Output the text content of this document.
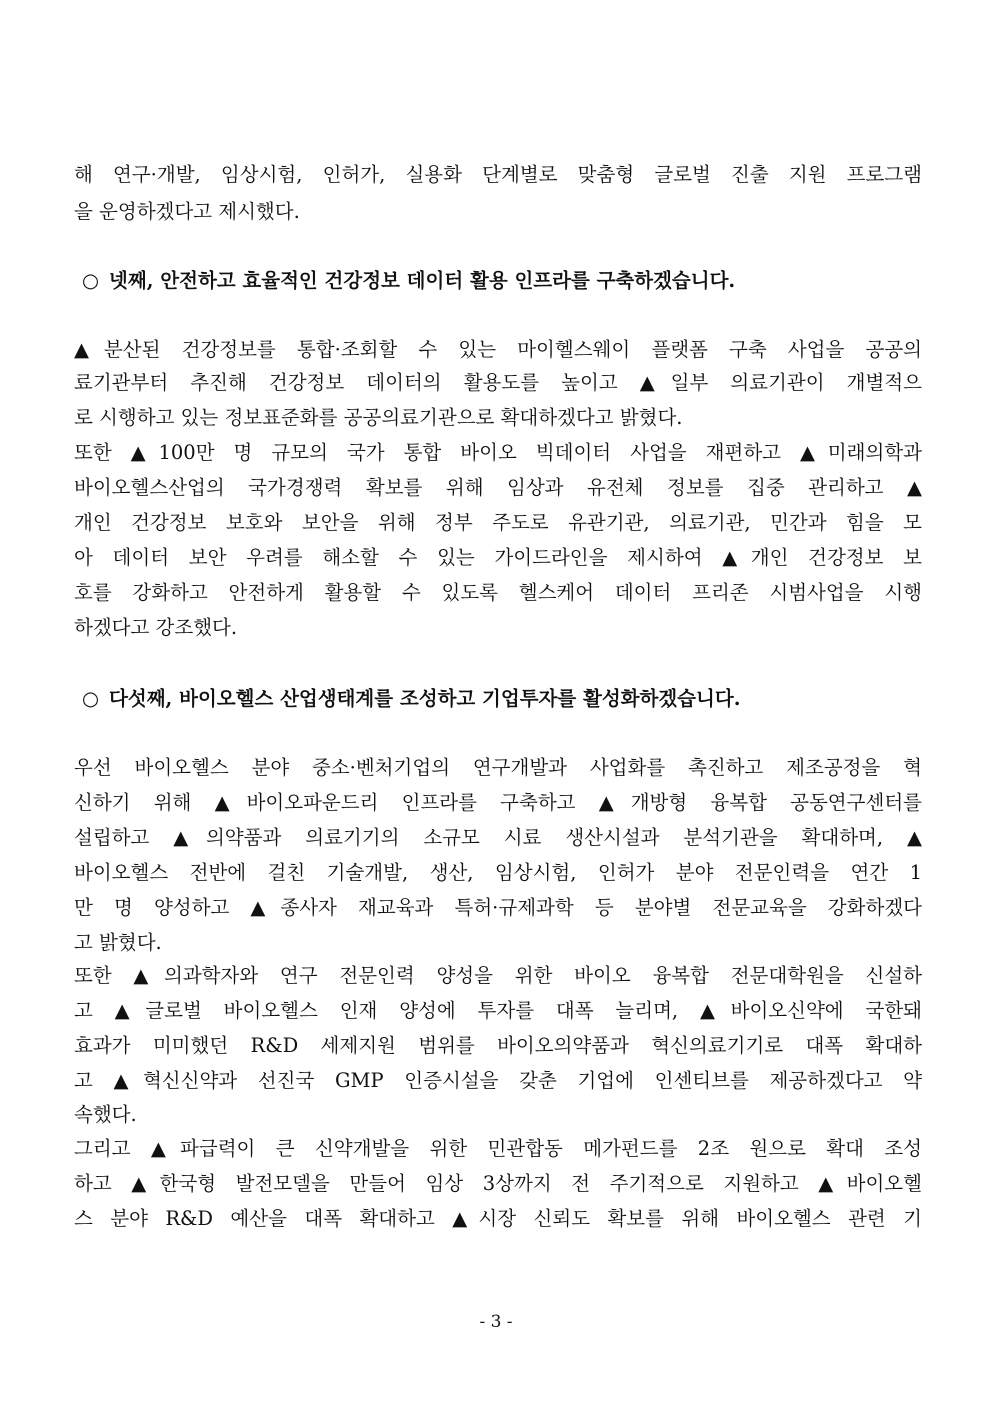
해 연구·개발, 임상시험, 인허가, 실용화 단계별로 맞춤형 글로벌 진출 지원 프로그램
을 운영하겠다고 제시했다.
○ 넷째, 안전하고 효율적인 건강정보 데이터 활용 인프라를 구축하겠습니다.
▲분산된 건강정보를 통합·조회할 수 있는 마이헬스웨이 플랫폼 구축 사업을 공공의
료기관부터 추진해 건강정보 데이터의 활용도를 높이고 ▲일부 의료기관이 개별적으
로 시행하고 있는 정보표준화를 공공의료기관으로 확대하겠다고 밝혔다.
또한 ▲100만 명 규모의 국가 통합 바이오 빅데이터 사업을 재편하고 ▲미래의학과
바이오헬스산업의 국가경쟁력 확보를 위해 임상과 유전체 정보를 집중 관리하고 ▲
개인 건강정보 보호와 보안을 위해 정부 주도로 유관기관, 의료기관, 민간과 힘을 모
아 데이터 보안 우려를 해소할 수 있는 가이드라인을 제시하여 ▲개인 건강정보 보
호를 강화하고 안전하게 활용할 수 있도록 헬스케어 데이터 프리존 시범사업을 시행
하겠다고 강조했다.
○ 다섯째, 바이오헬스 산업생태계를 조성하고 기업투자를 활성화하겠습니다.
우선 바이오헬스 분야 중소·벤처기업의 연구개발과 사업화를 촉진하고 제조공정을 혁
신하기 위해 ▲바이오파운드리 인프라를 구축하고 ▲개방형 융복합 공동연구센터를
설립하고 ▲의약품과 의료기기의 소규모 시료 생산시설과 분석기관을 확대하며, ▲
바이오헬스 전반에 걸친 기술개발, 생산, 임상시험, 인허가 분야 전문인력을 연간 1
만 명 양성하고 ▲종사자 재교육과 특허·규제과학 등 분야별 전문교육을 강화하겠다
고 밝혔다.
또한 ▲의과학자와 연구 전문인력 양성을 위한 바이오 융복합 전문대학원을 신설하
고 ▲글로벌 바이오헬스 인재 양성에 투자를 대폭 늘리며, ▲바이오신약에 국한돼
효과가 미미했던 R&D 세제지원 범위를 바이오의약품과 혁신의료기기로 대폭 확대하
고 ▲혁신신약과 선진국 GMP 인증시설을 갖춘 기업에 인센티브를 제공하겠다고 약
속했다.
그리고 ▲파급력이 큰 신약개발을 위한 민관합동 메가펀드를 2조 원으로 확대 조성
하고 ▲한국형 발전모델을 만들어 임상 3상까지 전 주기적으로 지원하고 ▲바이오헬
스 분야 R&D 예산을 대폭 확대하고 ▲시장 신뢰도 확보를 위해 바이오헬스 관련 기
- 3 -
